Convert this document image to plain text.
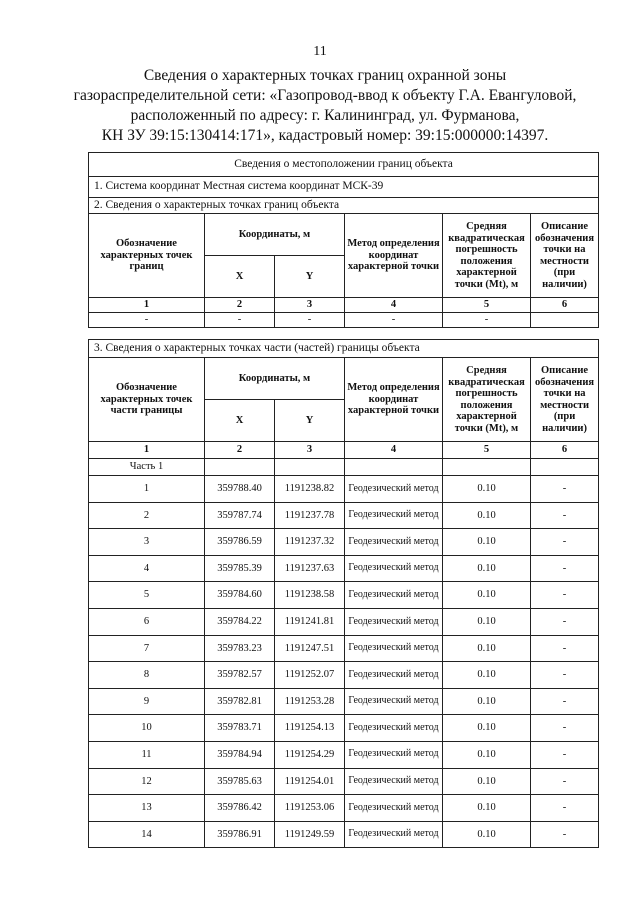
11
Сведения о характерных точках границ охранной зоны
газораспределительной сети: «Газопровод-ввод к объекту Г.А. Евангуловой,
расположенный по адресу: г. Калининград, ул. Фурманова,
КН ЗУ 39:15:130414:171», кадастровый номер: 39:15:000000:14397.
Сведения о местоположении границ объекта					
1. Система координат Местная система координат МСК-39					
2. Сведения о характерных точках границ объекта					
Обозначение характерных точек границ	Координаты, м		Метод определения координат характерной точки	Средняя квадратическая погрешность положения характерной точки (Mt), м	Описание обозначения точки на местности (при наличии)
	X	Y			
1	2	3	4	5	6
-	-	-	-	-	
3. Сведения о характерных точках части (частей) границы объекта					
Обозначение характерных точек части границы	Координаты, м		Метод определения координат характерной точки	Средняя квадратическая погрешность положения характерной точки (Mt), м	Описание обозначения точки на местности (при наличии)
	X	Y			
1	2	3	4	5	6
Часть 1					
1	359788.40	1191238.82	Геодезический метод	0.10	-
2	359787.74	1191237.78	Геодезический метод	0.10	-
3	359786.59	1191237.32	Геодезический метод	0.10	-
4	359785.39	1191237.63	Геодезический метод	0.10	-
5	359784.60	1191238.58	Геодезический метод	0.10	-
6	359784.22	1191241.81	Геодезический метод	0.10	-
7	359783.23	1191247.51	Геодезический метод	0.10	-
8	359782.57	1191252.07	Геодезический метод	0.10	-
9	359782.81	1191253.28	Геодезический метод	0.10	-
10	359783.71	1191254.13	Геодезический метод	0.10	-
11	359784.94	1191254.29	Геодезический метод	0.10	-
12	359785.63	1191254.01	Геодезический метод	0.10	-
13	359786.42	1191253.06	Геодезический метод	0.10	-
14	359786.91	1191249.59	Геодезический метод	0.10	-
